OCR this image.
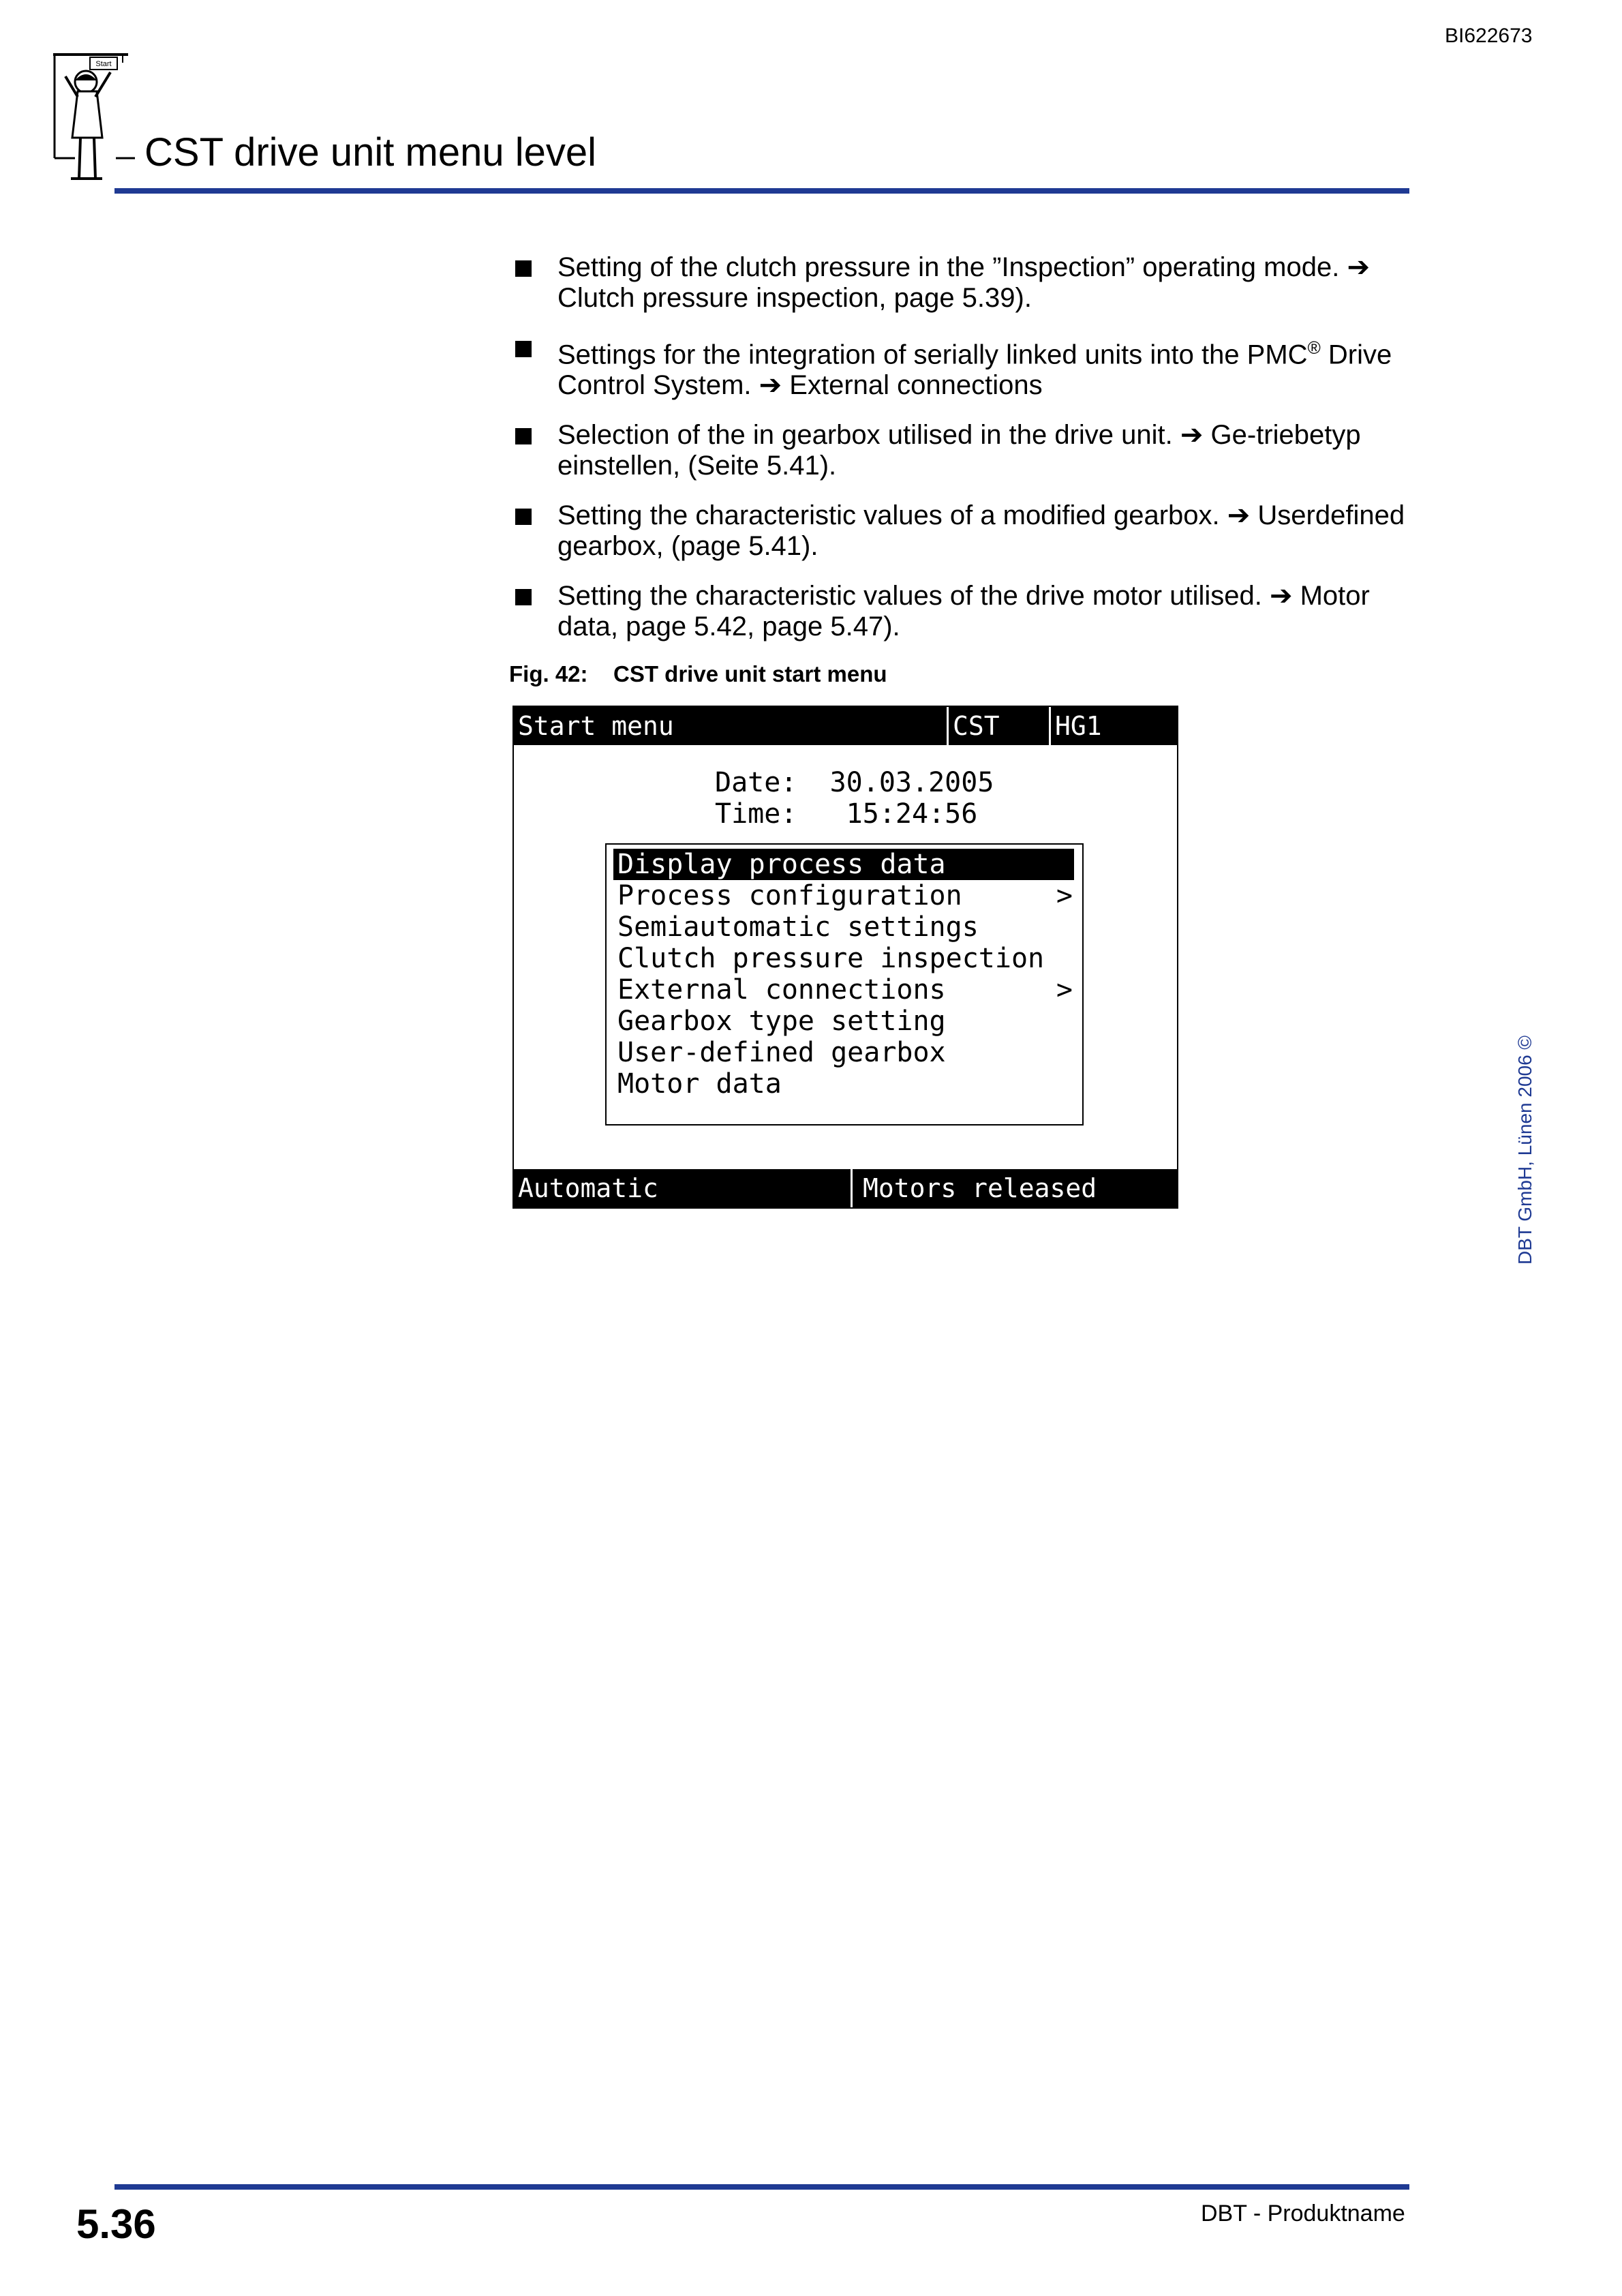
BI622673
Start
CST drive unit menu level
Setting of the clutch pressure in the ”Inspection” operating mode. ➔ Clutch pressure inspection, page 5.39).
Settings for the integration of serially linked units into the PMC® Drive Control System. ➔ External connections
Selection of the in gearbox utilised in the drive unit. ➔ Ge-triebetyp einstellen, (Seite 5.41).
Setting the characteristic values of a modified gearbox. ➔ Userdefined gearbox, (page 5.41).
Setting the characteristic values of the drive motor utilised. ➔ Motor data, page 5.42, page 5.47).
Fig. 42: CST drive unit start menu
Start menu	CST HG1
Date:  30.03.2005
Time:   15:24:56
Display process data
Process configuration	>
Semiautomatic settings
Clutch pressure inspection
External connections	>
Gearbox type setting
User-defined gearbox
Motor data
Automatic	Motors released	DBT GmbH, Lünen 2006 ©
5.36	DBT - Produktname
